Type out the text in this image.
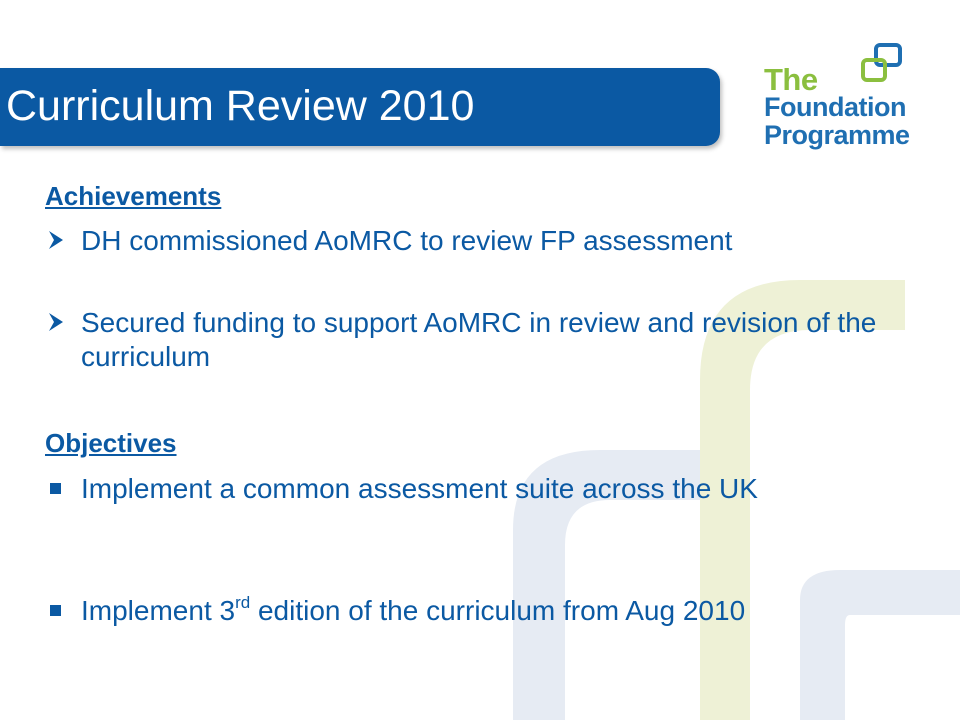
Curriculum Review 2010
The
Foundation
Programme
Achievements
DH commissioned AoMRC to review FP assessment
Secured funding to support AoMRC in review and revision of the curriculum
Objectives
Implement a common assessment suite across the UK
Implement 3rd edition of the curriculum from Aug 2010
